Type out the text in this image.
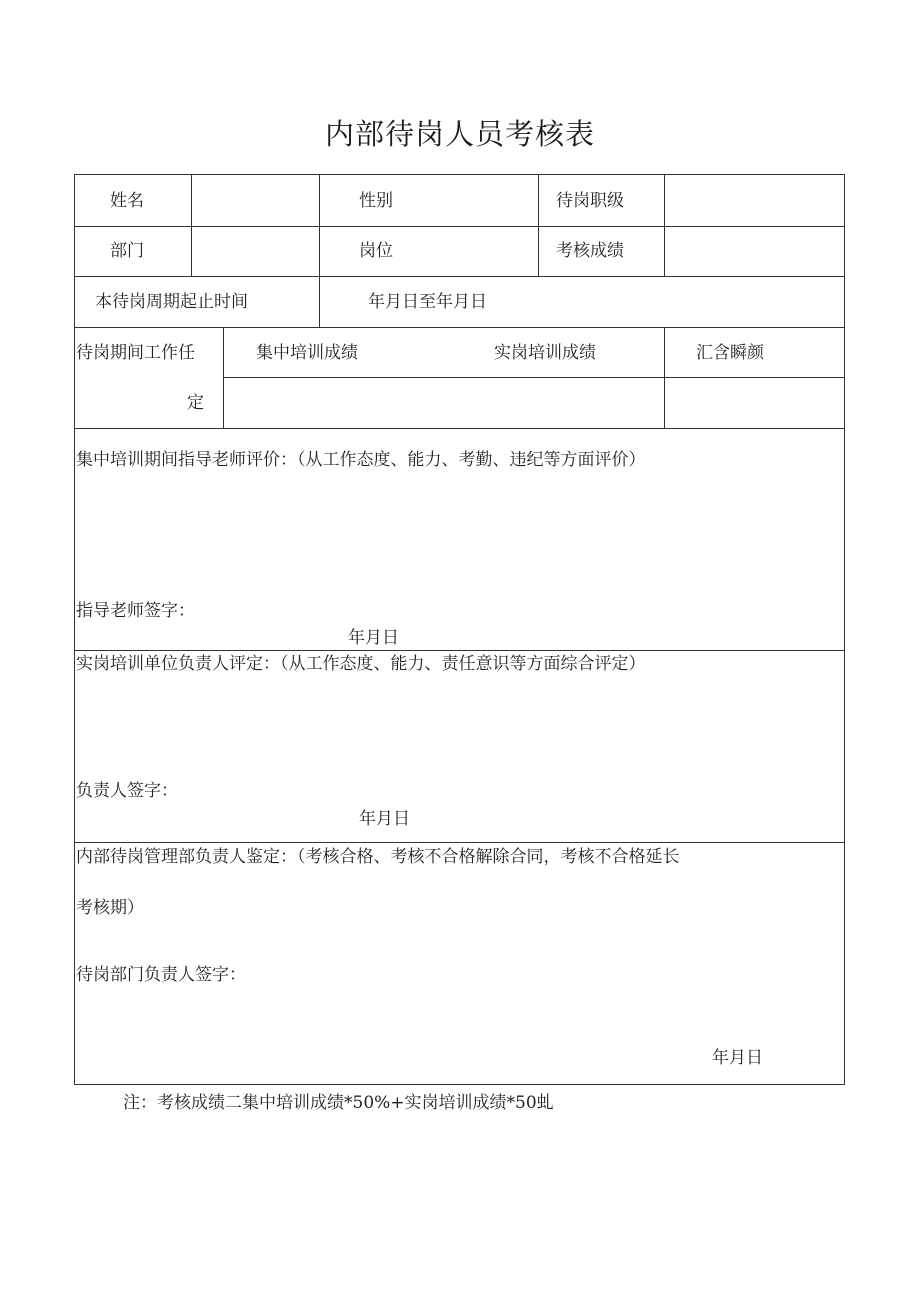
内部待岗人员考核表
姓名	性别	待岗职级
部门	岗位	考核成绩
本待岗周期起止时间	年月日至年月日
待岗期间工作任
定
集中培训成绩	实岗培训成绩	汇含瞬颜
集中培训期间指导老师评价：（从工作态度、能力、考勤、违纪等方面评价）
指导老师签字：
年月日
实岗培训单位负责人评定：（从工作态度、能力、责任意识等方面综合评定）
负责人签字：
年月日
内部待岗管理部负责人鉴定：（考核合格、考核不合格解除合同，考核不合格延长
考核期）
待岗部门负责人签字：
年月日
注：考核成绩二集中培训成绩*50%+实岗培训成绩*50虬
